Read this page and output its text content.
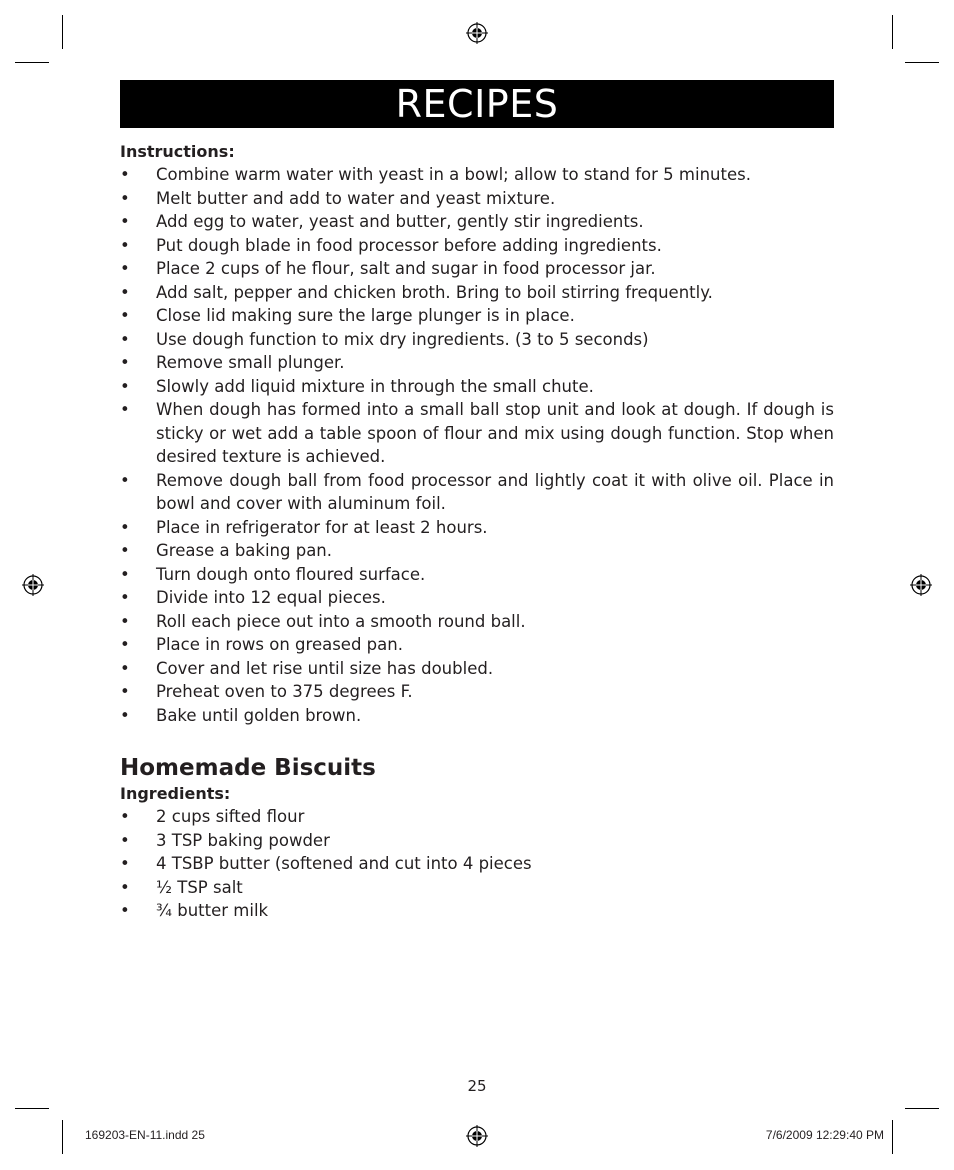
RECIPES
Instructions:
• Combine warm water with yeast in a bowl; allow to stand for 5 minutes.
• Melt butter and add to water and yeast mixture.
• Add egg to water, yeast and butter, gently stir ingredients.
• Put dough blade in food processor before adding ingredients.
• Place 2 cups of he flour, salt and sugar in food processor jar.
• Add salt, pepper and chicken broth. Bring to boil stirring frequently.
• Close lid making sure the large plunger is in place.
• Use dough function to mix dry ingredients. (3 to 5 seconds)
• Remove small plunger.
• Slowly add liquid mixture in through the small chute.
• When dough has formed into a small ball stop unit and look at dough. If dough is sticky or wet add a table spoon of flour and mix using dough function. Stop when desired texture is achieved.
• Remove dough ball from food processor and lightly coat it with olive oil. Place in bowl and cover with aluminum foil.
• Place in refrigerator for at least 2 hours.
• Grease a baking pan.
• Turn dough onto floured surface.
• Divide into 12 equal pieces.
• Roll each piece out into a smooth round ball.
• Place in rows on greased pan.
• Cover and let rise until size has doubled.
• Preheat oven to 375 degrees F.
• Bake until golden brown.
Homemade Biscuits
Ingredients:
• 2 cups sifted flour
• 3 TSP baking powder
• 4 TSBP butter (softened and cut into 4 pieces
• ½ TSP salt
• ¾ butter milk
25
169203-EN-11.indd 25	7/6/2009 12:29:40 PM
